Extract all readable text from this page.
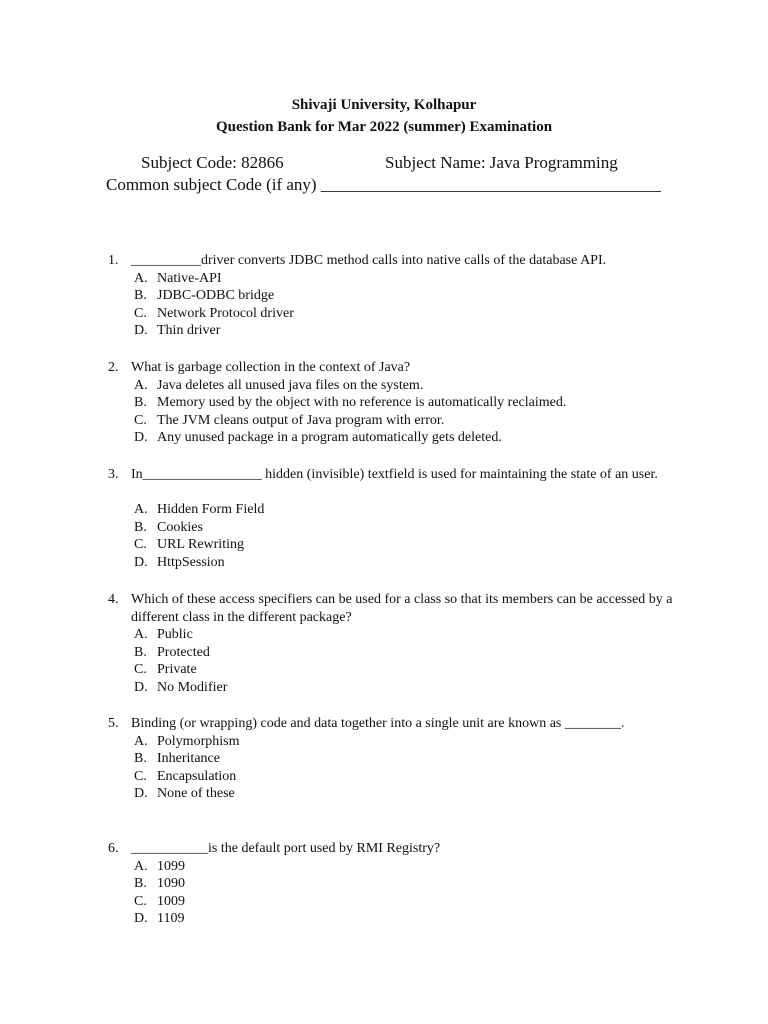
Shivaji University, Kolhapur
Question Bank for Mar 2022 (summer) Examination
Subject Code: 82866	Subject Name: Java Programming
Common subject Code (if any) ________________________________________
1. __________driver converts JDBC method calls into native calls of the database API.
A. Native-API
B. JDBC-ODBC bridge
C. Network Protocol driver
D. Thin driver
2. What is garbage collection in the context of Java?
A. Java deletes all unused java files on the system.
B. Memory used by the object with no reference is automatically reclaimed.
C. The JVM cleans output of Java program with error.
D. Any unused package in a program automatically gets deleted.
3. In_________________ hidden (invisible) textfield is used for maintaining the state of an user.
A. Hidden Form Field
B. Cookies
C. URL Rewriting
D. HttpSession
4. Which of these access specifiers can be used for a class so that its members can be accessed by a different class in the different package?
A. Public
B. Protected
C. Private
D. No Modifier
5. Binding (or wrapping) code and data together into a single unit are known as ________.
A. Polymorphism
B. Inheritance
C. Encapsulation
D. None of these
6. ___________is the default port used by RMI Registry?
A. 1099
B. 1090
C. 1009
D. 1109
